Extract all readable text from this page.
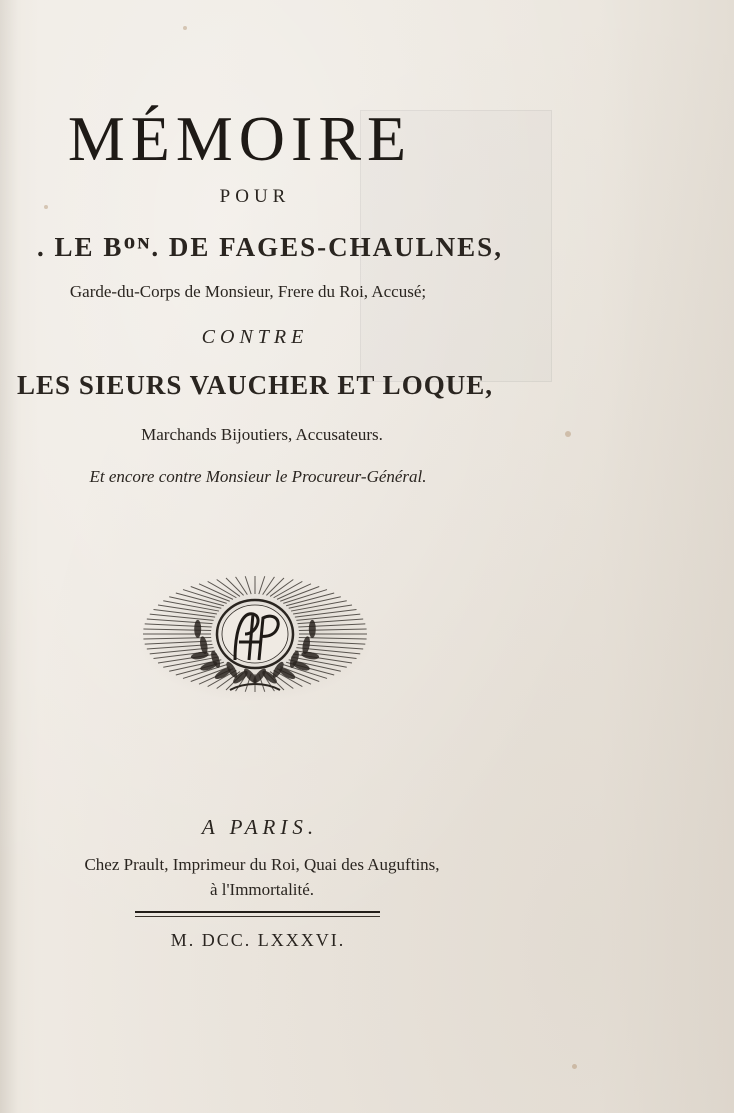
MÉMOIRE
POUR
. LE Bᴼᴺ. DE FAGES-CHAULNES,
Garde-du-Corps de Monsieur, Frere du Roi, Accusé;
CONTRE
LES SIEURS VAUCHER ET LOQUE,
Marchands Bijoutiers, Accusateurs.
Et encore contre Monsieur le Procureur-Général.
A PARIS.
Chez Prault, Imprimeur du Roi, Quai des Auguftins,
à l'Immortalité.
M. DCC. LXXXVI.
